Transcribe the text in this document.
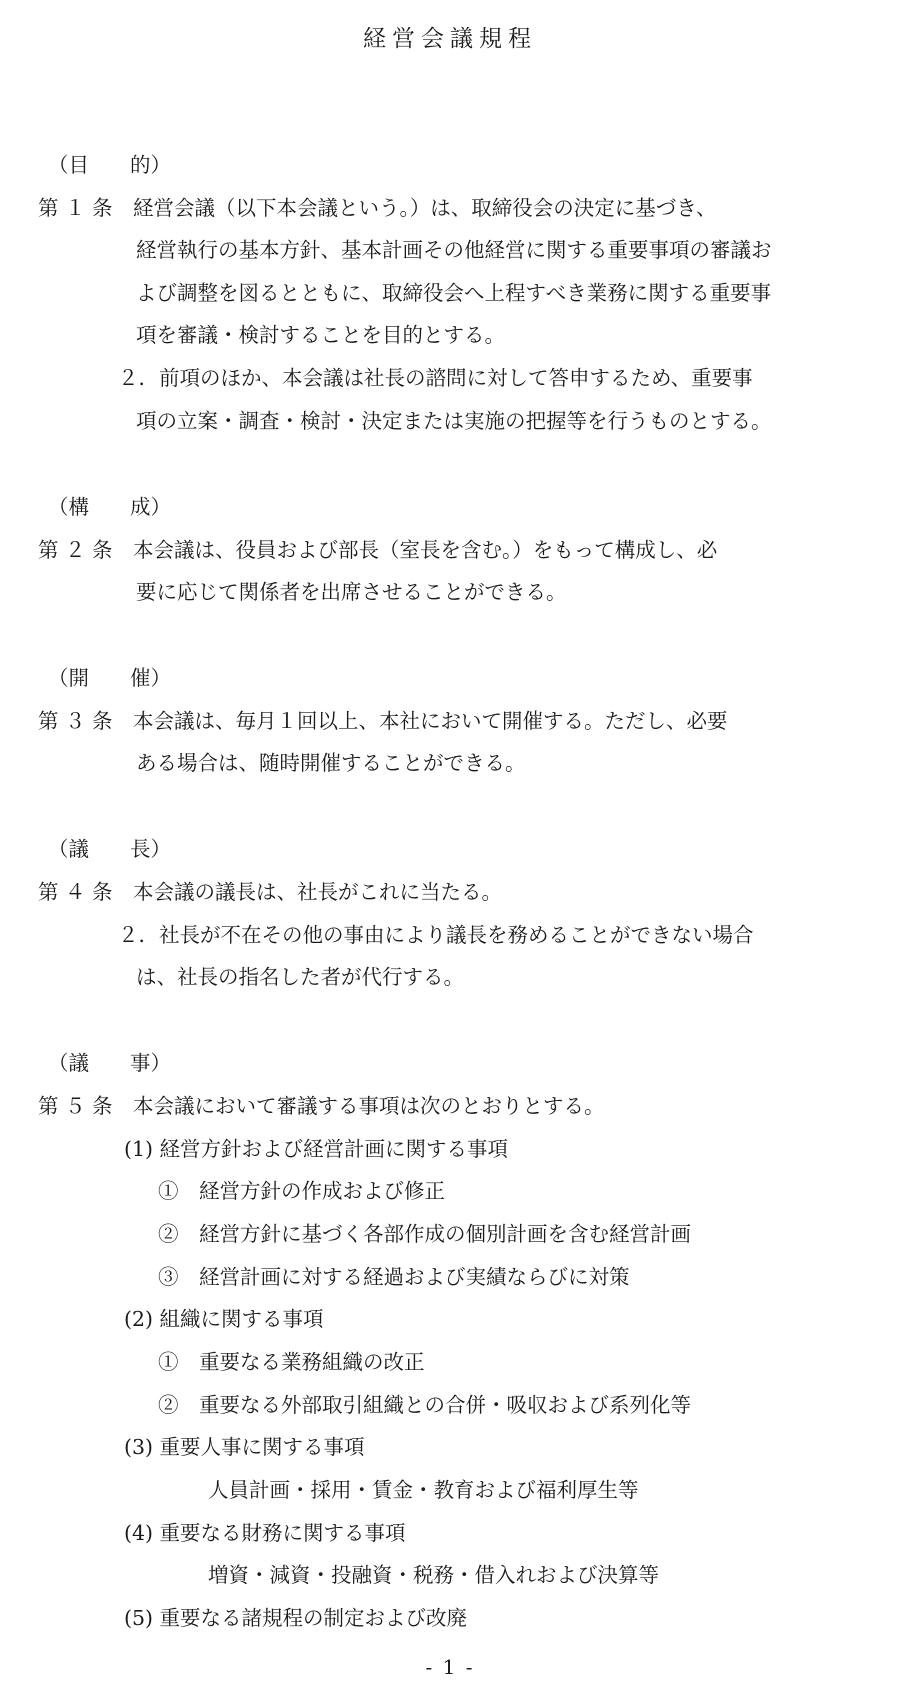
経営会議規程
（目　　的）
第 １ 条　経営会議（以下本会議という。）は、取締役会の決定に基づき、
経営執行の基本方針、基本計画その他経営に関する重要事項の審議お
よび調整を図るとともに、取締役会へ上程すべき業務に関する重要事
項を審議・検討することを目的とする。
２．前項のほか、本会議は社長の諮問に対して答申するため、重要事
項の立案・調査・検討・決定または実施の把握等を行うものとする。
（構　　成）
第 ２ 条　本会議は、役員および部長（室長を含む。）をもって構成し、必
要に応じて関係者を出席させることができる。
（開　　催）
第 ３ 条　本会議は、毎月１回以上、本社において開催する。ただし、必要
ある場合は、随時開催することができる。
（議　　長）
第 ４ 条　本会議の議長は、社長がこれに当たる。
２．社長が不在その他の事由により議長を務めることができない場合
は、社長の指名した者が代行する。
（議　　事）
第 ５ 条　本会議において審議する事項は次のとおりとする。
(1) 経営方針および経営計画に関する事項
①　経営方針の作成および修正
②　経営方針に基づく各部作成の個別計画を含む経営計画
③　経営計画に対する経過および実績ならびに対策
(2) 組織に関する事項
①　重要なる業務組織の改正
②　重要なる外部取引組織との合併・吸収および系列化等
(3) 重要人事に関する事項
人員計画・採用・賃金・教育および福利厚生等
(4) 重要なる財務に関する事項
増資・減資・投融資・税務・借入れおよび決算等
(5) 重要なる諸規程の制定および改廃
- 1 -
